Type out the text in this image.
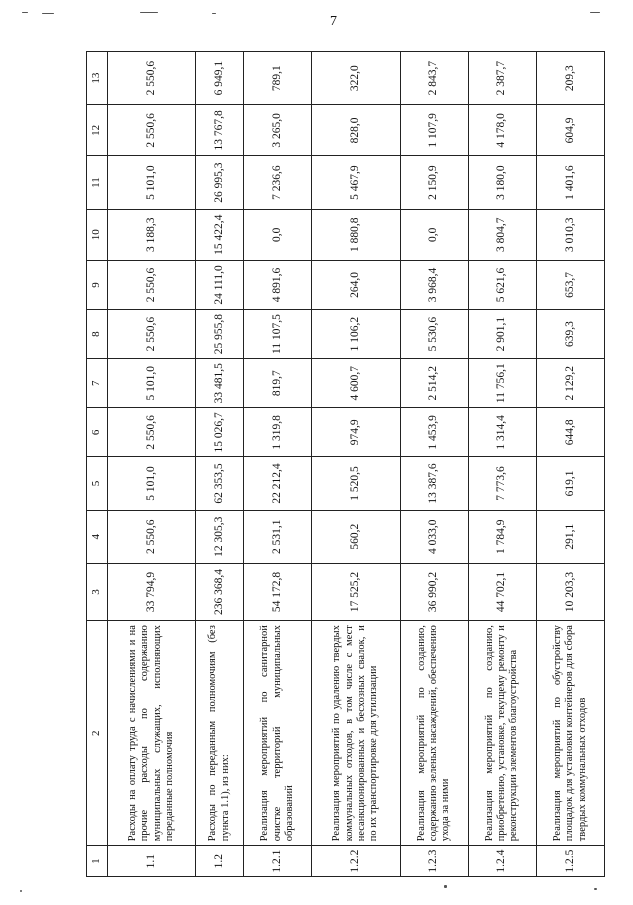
7
1	2	3	4	5	6	7	8	9	10	11	12	13
1.1	Расходы на оплату труда с начислениями и на прочие расходы по содержанию муниципальных служащих, исполняющих переданные полномочия	33 794,9	2 550,6	5 101,0	2 550,6	5 101,0	2 550,6	2 550,6	3 188,3	5 101,0	2 550,6	2 550,6
1.2	Расходы по переданным полномочиям (без пункта 1.1), из них:	236 368,4	12 305,3	62 353,5	15 026,7	33 481,5	25 955,8	24 111,0	15 422,4	26 995,3	13 767,8	6 949,1
1.2.1	Реализация мероприятий по санитарной очистке территорий муниципальных образований	54 172,8	2 531,1	22 212,4	1 319,8	819,7	11 107,5	4 891,6	0,0	7 236,6	3 265,0	789,1
1.2.2	Реализация мероприятий по удалению твердых коммунальных отходов, в том числе с мест несанкционированных и бесхозных свалок, и по их транспортировке для утилизации	17 525,2	560,2	1 520,5	974,9	4 600,7	1 106,2	264,0	1 880,8	5 467,9	828,0	322,0
1.2.3	Реализация мероприятий по созданию, содержанию зеленых насаждений, обеспечению ухода за ними	36 990,2	4 033,0	13 387,6	1 453,9	2 514,2	5 530,6	3 968,4	0,0	2 150,9	1 107,9	2 843,7
1.2.4	Реализация мероприятий по созданию, приобретению, установке, текущему ремонту и реконструкции элементов благоустройства	44 702,1	1 784,9	7 773,6	1 314,4	11 756,1	2 901,1	5 621,6	3 804,7	3 180,0	4 178,0	2 387,7
1.2.5	Реализация мероприятий по обустройству площадок для установки контейнеров для сбора твердых коммунальных отходов	10 203,3	291,1	619,1	644,8	2 129,2	639,3	653,7	3 010,3	1 401,6	604,9	209,3
